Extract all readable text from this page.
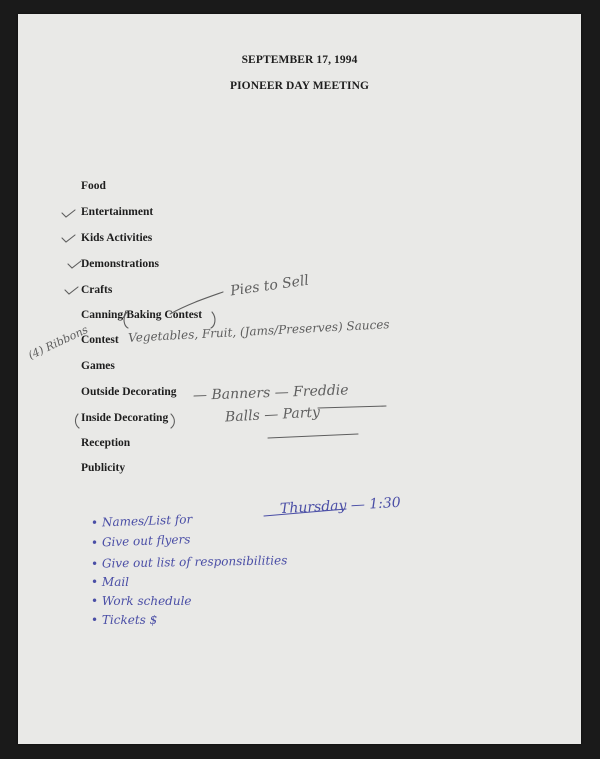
SEPTEMBER 17, 1994
PIONEER DAY MEETING
Food
Entertainment
Kids Activities
Demonstrations
Crafts
Canning/Baking Contest
Contest
Games
Outside Decorating
Inside Decorating
Reception
Publicity
Pies to Sell
Vegetables, Fruit, (Jams/Preserves) Sauces
(4) Ribbons
— Banners — Freddie
Balls — Party
Thursday — 1:30
• Names/List for
• Give out flyers
• Give out list of responsibilities
• Mail
• Work schedule
• Tickets $
